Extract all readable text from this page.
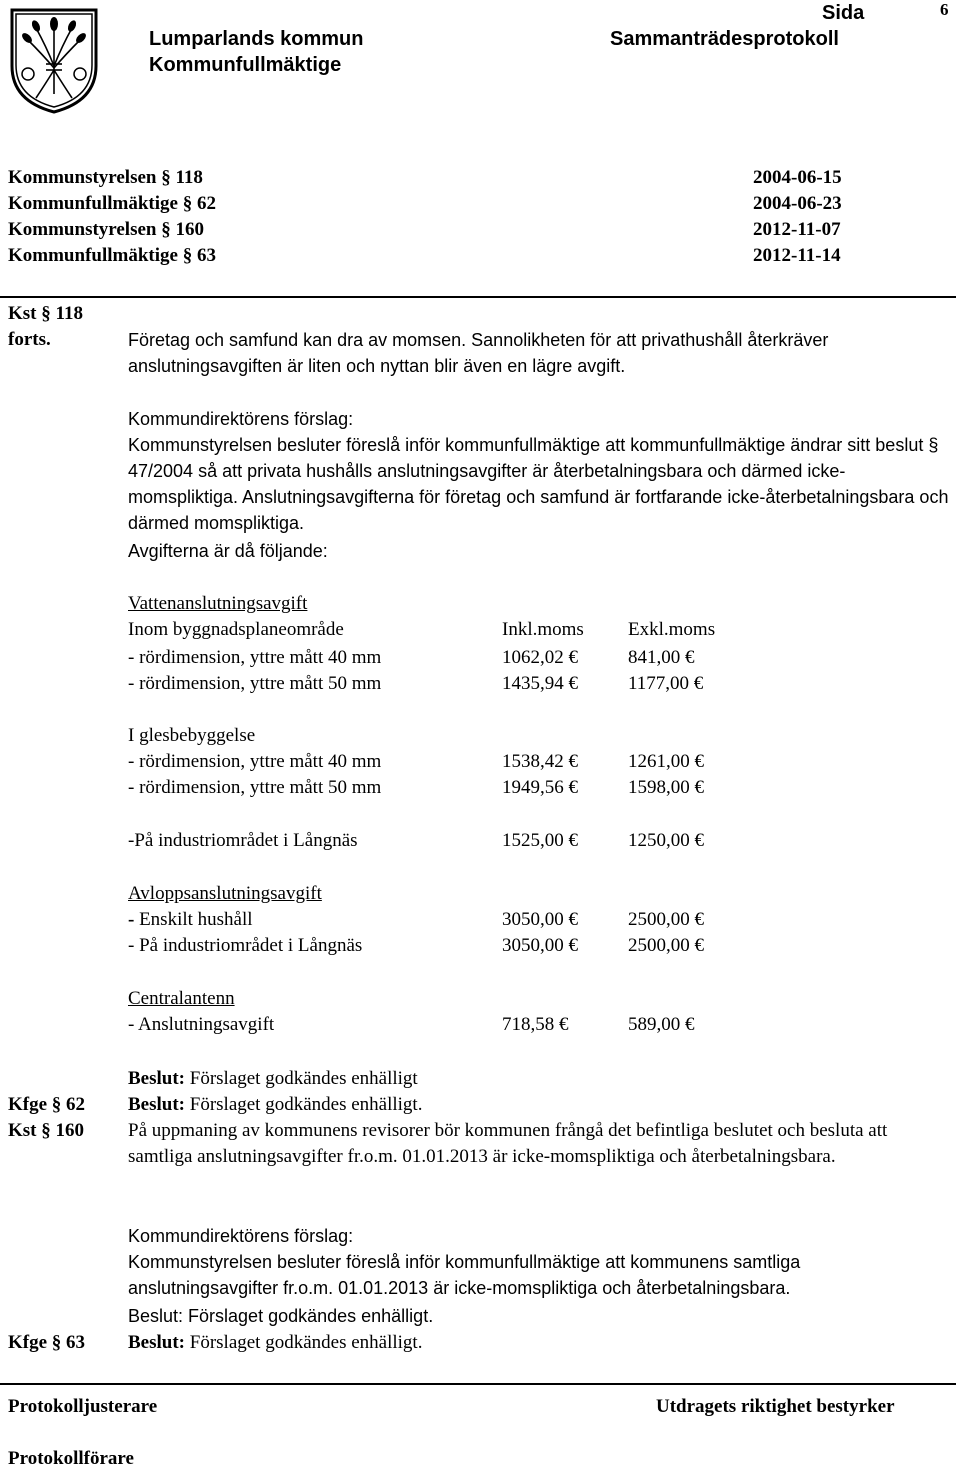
Lumparlands kommun
Kommunfullmäktige
Sammanträdesprotokoll
Sida	6
Kommunstyrelsen § 118	2004-06-15
Kommunfullmäktige § 62	2004-06-23
Kommunstyrelsen § 160	2012-11-07
Kommunfullmäktige § 63	2012-11-14
Kst § 118
forts.	Företag och samfund kan dra av momsen. Sannolikheten för att privathushåll återkräver
anslutningsavgiften är liten och nyttan blir även en lägre avgift.
Kommundirektörens förslag:
Kommunstyrelsen besluter föreslå inför kommunfullmäktige att kommunfullmäktige ändrar sitt beslut § 47/2004 så att privata hushålls anslutningsavgifter är återbetalningsbara och därmed icke-momspliktiga. Anslutningsavgifterna för företag och samfund är fortfarande icke-återbetalningsbara och därmed momspliktiga.
Avgifterna är då följande:
Vattenanslutningsavgift
Inom byggnadsplaneområde	Inkl.moms Exkl.moms
- rördimension, yttre mått 40 mm	1062,02 €	841,00 €
- rördimension, yttre mått 50 mm	1435,94 €	1177,00 €
I glesbebyggelse
- rördimension, yttre mått 40 mm	1538,42 €	1261,00 €
- rördimension, yttre mått 50 mm	1949,56 €	1598,00 €
-På industriområdet i Långnäs	1525,00 €	1250,00 €
Avloppsanslutningsavgift
- Enskilt hushåll	3050,00 €	2500,00 €
- På industriområdet i Långnäs	3050,00 €	2500,00 €
Centralantenn
- Anslutningsavgift	718,58 €	589,00 €
Beslut: Förslaget godkändes enhälligt
Kfge § 62 Beslut: Förslaget godkändes enhälligt.
Kst § 160 På uppmaning av kommunens revisorer bör kommunen frångå det befintliga beslutet och besluta att samtliga anslutningsavgifter fr.o.m. 01.01.2013 är icke-momspliktiga och återbetalningsbara.
Kommundirektörens förslag:
Kommunstyrelsen besluter föreslå inför kommunfullmäktige att kommunens samtliga anslutningsavgifter fr.o.m. 01.01.2013 är icke-momspliktiga och återbetalningsbara.
Beslut: Förslaget godkändes enhälligt.
Kfge § 63 Beslut: Förslaget godkändes enhälligt.
Protokolljusterare	Utdragets riktighet bestyrker
Protokollförare
